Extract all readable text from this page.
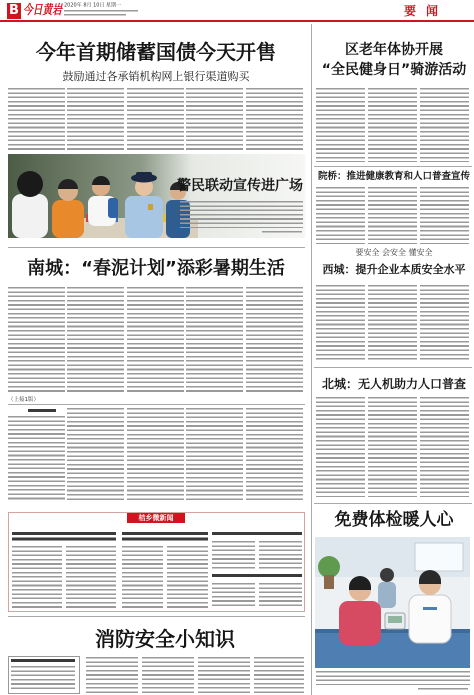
B 今日黄岩 2020年 8月 10日 星期一	要闻
今年首期储蓄国债今天开售
鼓励通过各承销机构网上银行渠道购买
警民联动宣传进广场
南城：“春泥计划”添彩暑期生活
（上接1版）
桔乡微新闻
消防安全小知识
区老年体协开展
“全民健身日”骑游活动
院桥：推进健康教育和人口普查宣传
要安全 会安全 懂安全
西城：提升企业本质安全水平
北城：无人机助力人口普查
免费体检暖人心
